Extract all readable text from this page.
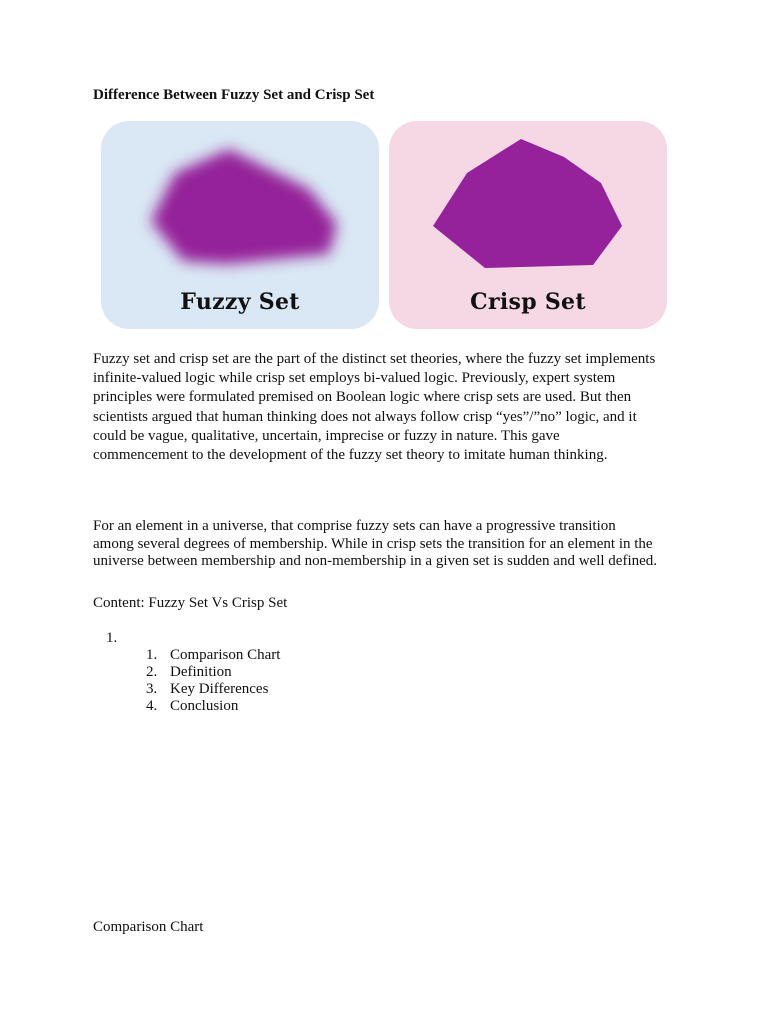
Difference Between Fuzzy Set and Crisp Set
Fuzzy Set	Crisp Set
Fuzzy set and crisp set are the part of the distinct set theories, where the fuzzy set implements
infinite-valued logic while crisp set employs bi-valued logic. Previously, expert system
principles were formulated premised on Boolean logic where crisp sets are used. But then
scientists argued that human thinking does not always follow crisp “yes”/”no” logic, and it
could be vague, qualitative, uncertain, imprecise or fuzzy in nature. This gave
commencement to the development of the fuzzy set theory to imitate human thinking.
For an element in a universe, that comprise fuzzy sets can have a progressive transition
among several degrees of membership. While in crisp sets the transition for an element in the
universe between membership and non-membership in a given set is sudden and well defined.
Content: Fuzzy Set Vs Crisp Set
1.
1. Comparison Chart
2. Definition
3. Key Differences
4. Conclusion
Comparison Chart
